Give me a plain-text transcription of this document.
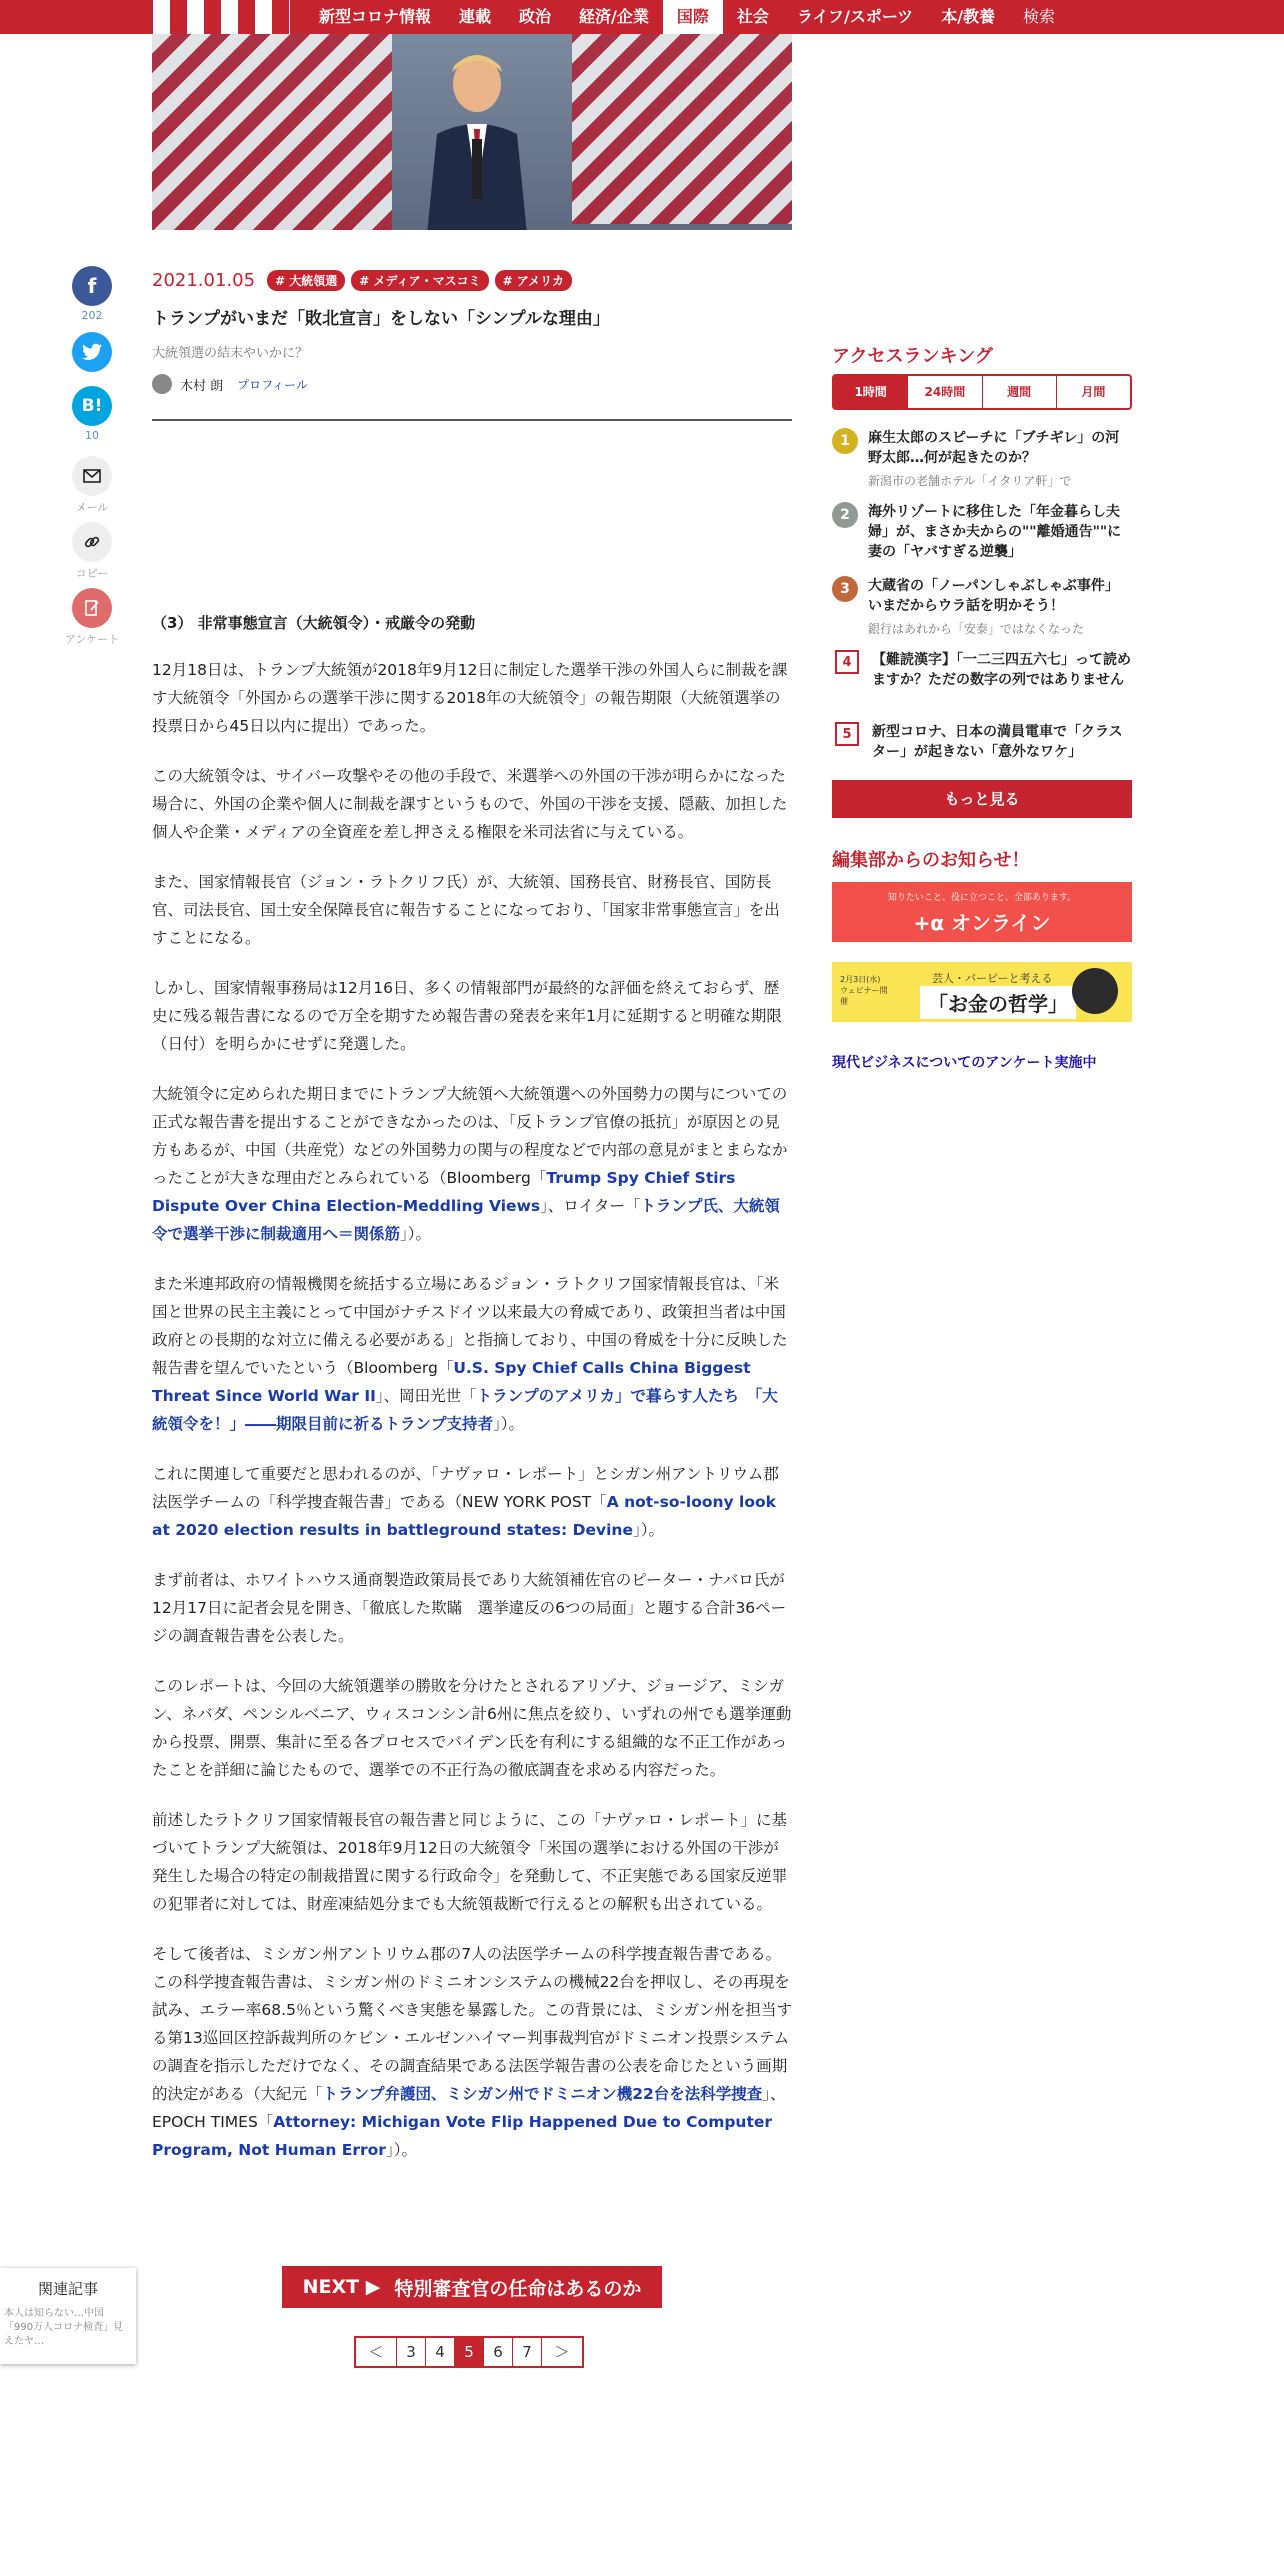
新型コロナ情報	連載	政治	経済/企業	国際	社会	ライフ/スポーツ	本/教養	検索
f
202
B!
10
メール
コピー
アンケート
2021.01.05	# 大統領選	# メディア・マスコミ	# アメリカ
トランプがいまだ「敗北宣言」をしない「シンプルな理由」
大統領選の結末やいかに？
木村 朗 プロフィール
（3） 非常事態宣言（大統領令）・戒厳令の発動

12月18日は、トランプ大統領が2018年9月12日に制定した選挙干渉の外国人らに制裁を課す大統領令「外国からの選挙干渉に関する2018年の大統領令」の報告期限（大統領選挙の投票日から45日以内に提出）であった。

この大統領令は、サイバー攻撃やその他の手段で、米選挙への外国の干渉が明らかになった場合に、外国の企業や個人に制裁を課すというもので、外国の干渉を支援、隠蔽、加担した個人や企業・メディアの全資産を差し押さえる権限を米司法省に与えている。

また、国家情報長官（ジョン・ラトクリフ氏）が、大統領、国務長官、財務長官、国防長官、司法長官、国土安全保障長官に報告することになっており、「国家非常事態宣言」を出すことになる。

しかし、国家情報事務局は12月16日、多くの情報部門が最終的な評価を終えておらず、歴史に残る報告書になるので万全を期すため報告書の発表を来年1月に延期すると明確な期限（日付）を明らかにせずに発選した。

大統領令に定められた期日までにトランプ大統領へ大統領選への外国勢力の関与についての正式な報告書を提出することができなかったのは、「反トランプ官僚の抵抗」が原因との見方もあるが、中国（共産党）などの外国勢力の関与の程度などで内部の意見がまとまらなかったことが大きな理由だとみられている（Bloomberg「Trump Spy Chief Stirs Dispute Over China Election-Meddling Views」、ロイター「トランプ氏、大統領令で選挙干渉に制裁適用へ＝関係筋」）。

また米連邦政府の情報機関を統括する立場にあるジョン・ラトクリフ国家情報長官は、「米国と世界の民主主義にとって中国がナチスドイツ以来最大の脅威であり、政策担当者は中国政府との長期的な対立に備える必要がある」と指摘しており、中国の脅威を十分に反映した報告書を望んでいたという（Bloomberg「U.S. Spy Chief Calls China Biggest Threat Since World War II」、岡田光世「トランプのアメリカ」で暮らす人たち　「大統領令を！」――期限目前に祈るトランプ支持者」）。

これに関連して重要だと思われるのが、「ナヴァロ・レポート」とシガン州アントリウム郡法医学チームの「科学捜査報告書」である（NEW YORK POST「A not-so-loony look at 2020 election results in battleground states: Devine」）。

まず前者は、ホワイトハウス通商製造政策局長であり大統領補佐官のピーター・ナバロ氏が12月17日に記者会見を開き、「徹底した欺瞞　選挙違反の6つの局面」と題する合計36ページの調査報告書を公表した。

このレポートは、今回の大統領選挙の勝敗を分けたとされるアリゾナ、ジョージア、ミシガン、ネバダ、ペンシルベニア、ウィスコンシン計6州に焦点を絞り、いずれの州でも選挙運動から投票、開票、集計に至る各プロセスでバイデン氏を有利にする組織的な不正工作があったことを詳細に論じたもので、選挙での不正行為の徹底調査を求める内容だった。

前述したラトクリフ国家情報長官の報告書と同じように、この「ナヴァロ・レポート」に基づいてトランプ大統領は、2018年9月12日の大統領令「米国の選挙における外国の干渉が発生した場合の特定の制裁措置に関する行政命令」を発動して、不正実態である国家反逆罪の犯罪者に対しては、財産凍結処分までも大統領裁断で行えるとの解釈も出されている。

そして後者は、ミシガン州アントリウム郡の7人の法医学チームの科学捜査報告書である。この科学捜査報告書は、ミシガン州のドミニオンシステムの機械22台を押収し、その再現を試み、エラー率68.5％という驚くべき実態を暴露した。この背景には、ミシガン州を担当する第13巡回区控訴裁判所のケビン・エルゼンハイマー判事裁判官がドミニオン投票システムの調査を指示しただけでなく、その調査結果である法医学報告書の公表を命じたという画期的決定がある（大紀元「トランプ弁護団、ミシガン州でドミニオン機22台を法科学捜査」、EPOCH TIMES「Attorney: Michigan Vote Flip Happened Due to Computer Program, Not Human Error」）。

NEXT ▶ 特別審査官の任命はあるのか
＜	3	4	5	6	7	＞
関連記事
本人は知らない…中国「990万人コロナ検査」見えたヤ…
アクセスランキング
1時間	24時間	週間	月間
1	麻生太郎のスピーチに「ブチギレ」の河野太郎…何が起きたのか？
新潟市の老舗ホテル「イタリア軒」で
2	海外リゾートに移住した「年金暮らし夫婦」が、まさか夫からの""離婚通告""に妻の「ヤバすぎる逆襲」
3	大蔵省の「ノーパンしゃぶしゃぶ事件」いまだからウラ話を明かそう！
銀行はあれから「安泰」ではなくなった
4	【難読漢字】「一二三四五六七」って読めますか？ただの数字の列ではありません
5	新型コロナ、日本の満員電車で「クラスター」が起きない「意外なワケ」
もっと見る
編集部からのお知らせ！
知りたいこと、役に立つこと、全部あります。
+α オンライン
2月3日(水) ウェビナー開催
芸人・バービーと考える
「お金の哲学」
現代ビジネスについてのアンケート実施中
